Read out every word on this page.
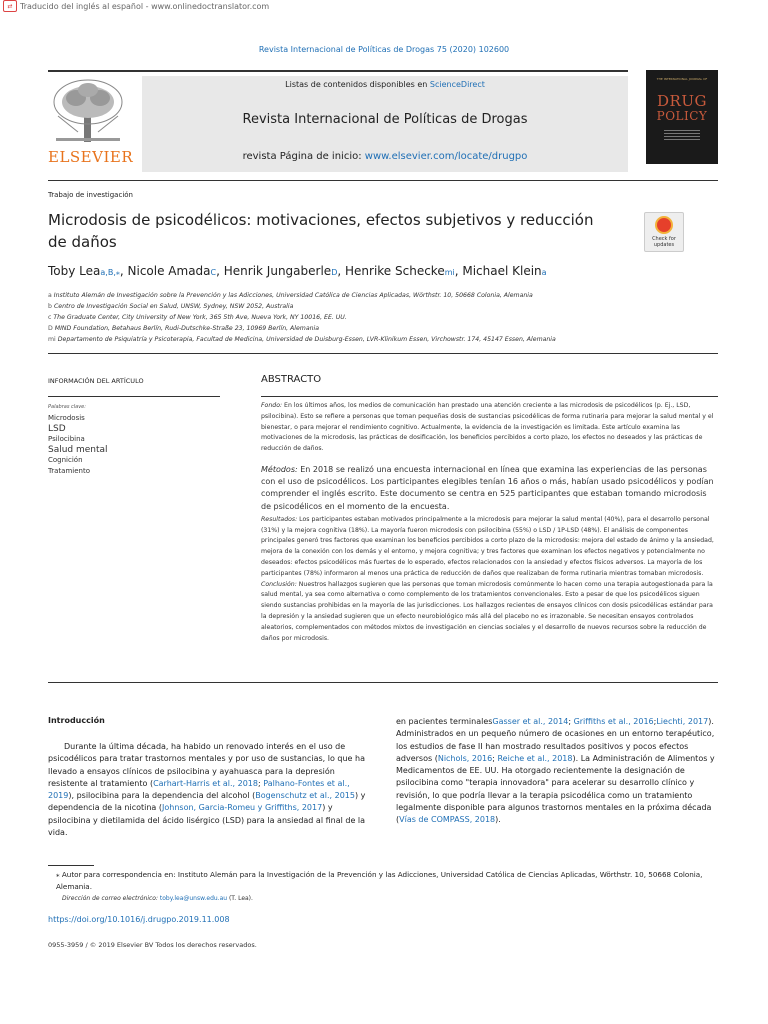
⇄ Traducido del inglés al español - www.onlinedoctranslator.com
Revista Internacional de Políticas de Drogas 75 (2020) 102600
ELSEVIER
Listas de contenidos disponibles en ScienceDirect
Revista Internacional de Políticas de Drogas
revista Página de inicio: www.elsevier.com/locate/drugpo
THE INTERNATIONAL JOURNAL OF
DRUG
POLICY
Trabajo de investigación
Microdosis de psicodélicos: motivaciones, efectos subjetivos y reducción de daños	Check for updates
Toby Leaa,B,⁎, Nicole AmadaC, Henrik JungaberleD, Henrike Scheckemi, Michael Kleina
a Instituto Alemán de Investigación sobre la Prevención y las Adicciones, Universidad Católica de Ciencias Aplicadas, Wörthstr. 10, 50668 Colonia, Alemania
b Centro de Investigación Social en Salud, UNSW, Sydney, NSW 2052, Australia
c The Graduate Center, City University of New York, 365 5th Ave, Nueva York, NY 10016, EE. UU.
D MIND Foundation, Betahaus Berlín, Rudi-Dutschke-Straße 23, 10969 Berlín, Alemania
mi Departamento de Psiquiatría y Psicoterapia, Facultad de Medicina, Universidad de Duisburg-Essen, LVR-Klinikum Essen, Virchowstr. 174, 45147 Essen, Alemania
INFORMACIÓN DEL ARTÍCULO
Palabras clave:
Microdosis
LSD
Psilocibina
Salud mental
Cognición
Tratamiento
ABSTRACTO

Fondo: En los últimos años, los medios de comunicación han prestado una atención creciente a las microdosis de psicodélicos (p. Ej., LSD, psilocibina). Esto se refiere a personas que toman pequeñas dosis de sustancias psicodélicas de forma rutinaria para mejorar la salud mental y el bienestar, o para mejorar el rendimiento cognitivo. Actualmente, la evidencia de la investigación es limitada. Este artículo examina las motivaciones de la microdosis, las prácticas de dosificación, los beneficios percibidos a corto plazo, los efectos no deseados y las prácticas de reducción de daños.

Métodos: En 2018 se realizó una encuesta internacional en línea que examina las experiencias de las personas con el uso de psicodélicos. Los participantes elegibles tenían 16 años o más, habían usado psicodélicos y podían comprender el inglés escrito. Este documento se centra en 525 participantes que estaban tomando microdosis de psicodélicos en el momento de la encuesta.

Resultados: Los participantes estaban motivados principalmente a la microdosis para mejorar la salud mental (40%), para el desarrollo personal (31%) y la mejora cognitiva (18%). La mayoría fueron microdosis con psilocibina (55%) o LSD / 1P-LSD (48%). El análisis de componentes principales generó tres factores que examinan los beneficios percibidos a corto plazo de la microdosis: mejora del estado de ánimo y la ansiedad, mejora de la conexión con los demás y el entorno, y mejora cognitiva; y tres factores que examinan los efectos negativos y potencialmente no deseados: efectos psicodélicos más fuertes de lo esperado, efectos relacionados con la ansiedad y efectos físicos adversos. La mayoría de los participantes (78%) informaron al menos una práctica de reducción de daños que realizaban de forma rutinaria mientras tomaban microdosis.

Conclusión: Nuestros hallazgos sugieren que las personas que toman microdosis comúnmente lo hacen como una terapia autogestionada para la salud mental, ya sea como alternativa o como complemento de los tratamientos convencionales. Esto a pesar de que los psicodélicos siguen siendo sustancias prohibidas en la mayoría de las jurisdicciones. Los hallazgos recientes de ensayos clínicos con dosis psicodélicas estándar para la depresión y la ansiedad sugieren que un efecto neurobiológico más allá del placebo no es irrazonable. Se necesitan ensayos controlados aleatorios, complementados con métodos mixtos de investigación en ciencias sociales y el desarrollo de nuevos recursos sobre la reducción de daños por microdosis.

Introducción

Durante la última década, ha habido un renovado interés en el uso de psicodélicos para tratar trastornos mentales y por uso de sustancias, lo que ha llevado a ensayos clínicos de psilocibina y ayahuasca para la depresión resistente al tratamiento (Carhart-Harris et al., 2018; Palhano-Fontes et al., 2019), psilocibina para la dependencia del alcohol (Bogenschutz et al., 2015) y dependencia de la nicotina (Johnson, Garcia-Romeu y Griffiths, 2017) y psilocibina y dietilamida del ácido lisérgico (LSD) para la ansiedad al final de la vida.

en pacientes terminalesGasser et al., 2014; Griffiths et al., 2016;Liechti, 2017). Administrados en un pequeño número de ocasiones en un entorno terapéutico, los estudios de fase II han mostrado resultados positivos y pocos efectos adversos (Nichols, 2016; Reiche et al., 2018). La Administración de Alimentos y Medicamentos de EE. UU. Ha otorgado recientemente la designación de psilocibina como "terapia innovadora" para acelerar su desarrollo clínico y revisión, lo que podría llevar a la terapia psicodélica como un tratamiento legalmente disponible para algunos trastornos mentales en la próxima década (Vías de COMPASS, 2018).

⁎ Autor para correspondencia en: Instituto Alemán para la Investigación de la Prevención y las Adicciones, Universidad Católica de Ciencias Aplicadas, Wörthstr. 10, 50668 Colonia, Alemania.
Dirección de correo electrónico: toby.lea@unsw.edu.au (T. Lea).
https://doi.org/10.1016/j.drugpo.2019.11.008
0955-3959 / © 2019 Elsevier BV Todos los derechos reservados.
